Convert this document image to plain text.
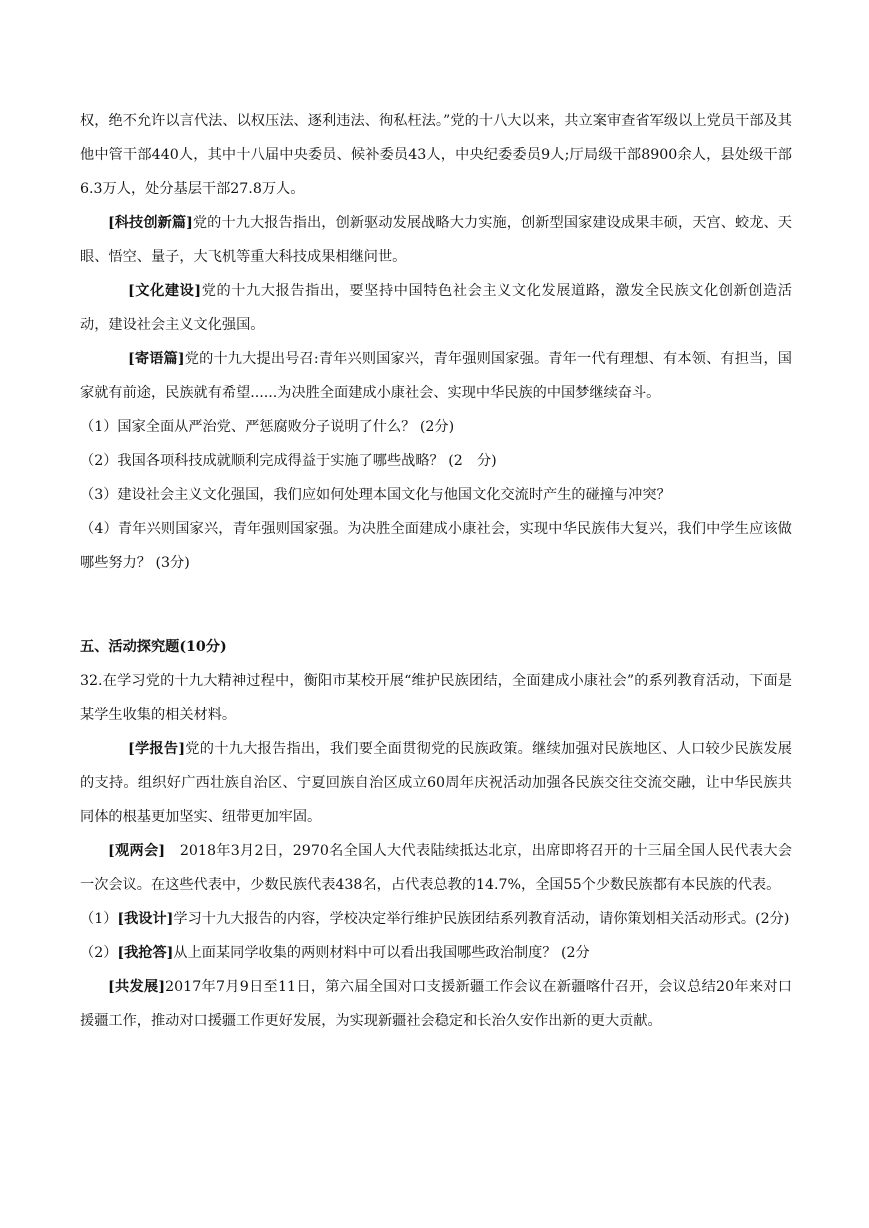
权，绝不允许以言代法、以权压法、逐利违法、徇私枉法。”党的十八大以来，共立案审查省军级以上党员干部及其他中管干部440人，其中十八届中央委员、候补委员43人，中央纪委委员9人;厅局级干部8900余人，县处级干部6.3万人，处分基层干部27.8万人。

[科技创新篇]党的十九大报告指出，创新驱动发展战略大力实施，创新型国家建设成果丰硕，天宫、蛟龙、天眼、悟空、量子，大飞机等重大科技成果相继问世。

[文化建设]党的十九大报告指出，要坚持中国特色社会主义文化发展道路，激发全民族文化创新创造活动，建设社会主义文化强国。

[寄语篇]党的十九大提出号召:青年兴则国家兴，青年强则国家强。青年一代有理想、有本领、有担当，国家就有前途，民族就有希望......为决胜全面建成小康社会、实现中华民族的中国梦继续奋斗。

（1）国家全面从严治党、严惩腐败分子说明了什么？ (2分)

（2）我国各项科技成就顺利完成得益于实施了哪些战略？ (2　分)

（3）建设社会主义文化强国，我们应如何处理本国文化与他国文化交流时产生的碰撞与冲突？

（4）青年兴则国家兴，青年强则国家强。为决胜全面建成小康社会，实现中华民族伟大复兴，我们中学生应该做哪些努力？ (3分)

五、活动探究题(10分)

32.在学习党的十九大精神过程中，衡阳市某校开展“维护民族团结，全面建成小康社会”的系列教育活动，下面是某学生收集的相关材料。

[学报告]党的十九大报告指出，我们要全面贯彻党的民族政策。继续加强对民族地区、人口较少民族发展的支持。组织好广西壮族自治区、宁夏回族自治区成立60周年庆祝活动加强各民族交往交流交融，让中华民族共同体的根基更加坚实、纽带更加牢固。

[观两会]　2018年3月2日，2970名全国人大代表陆续抵达北京，出席即将召开的十三届全国人民代表大会一次会议。在这些代表中，少数民族代表438名，占代表总教的14.7%，全国55个少数民族都有本民族的代表。

（1）[我设计]学习十九大报告的内容，学校决定举行维护民族团结系列教育活动，请你策划相关活动形式。(2分)

（2）[我抢答]从上面某同学收集的两则材料中可以看出我国哪些政治制度？ (2分

[共发展]2017年7月9日至11日，第六届全国对口支援新疆工作会议在新疆喀什召开，会议总结20年来对口援疆工作，推动对口援疆工作更好发展，为实现新疆社会稳定和长治久安作出新的更大贡献。
